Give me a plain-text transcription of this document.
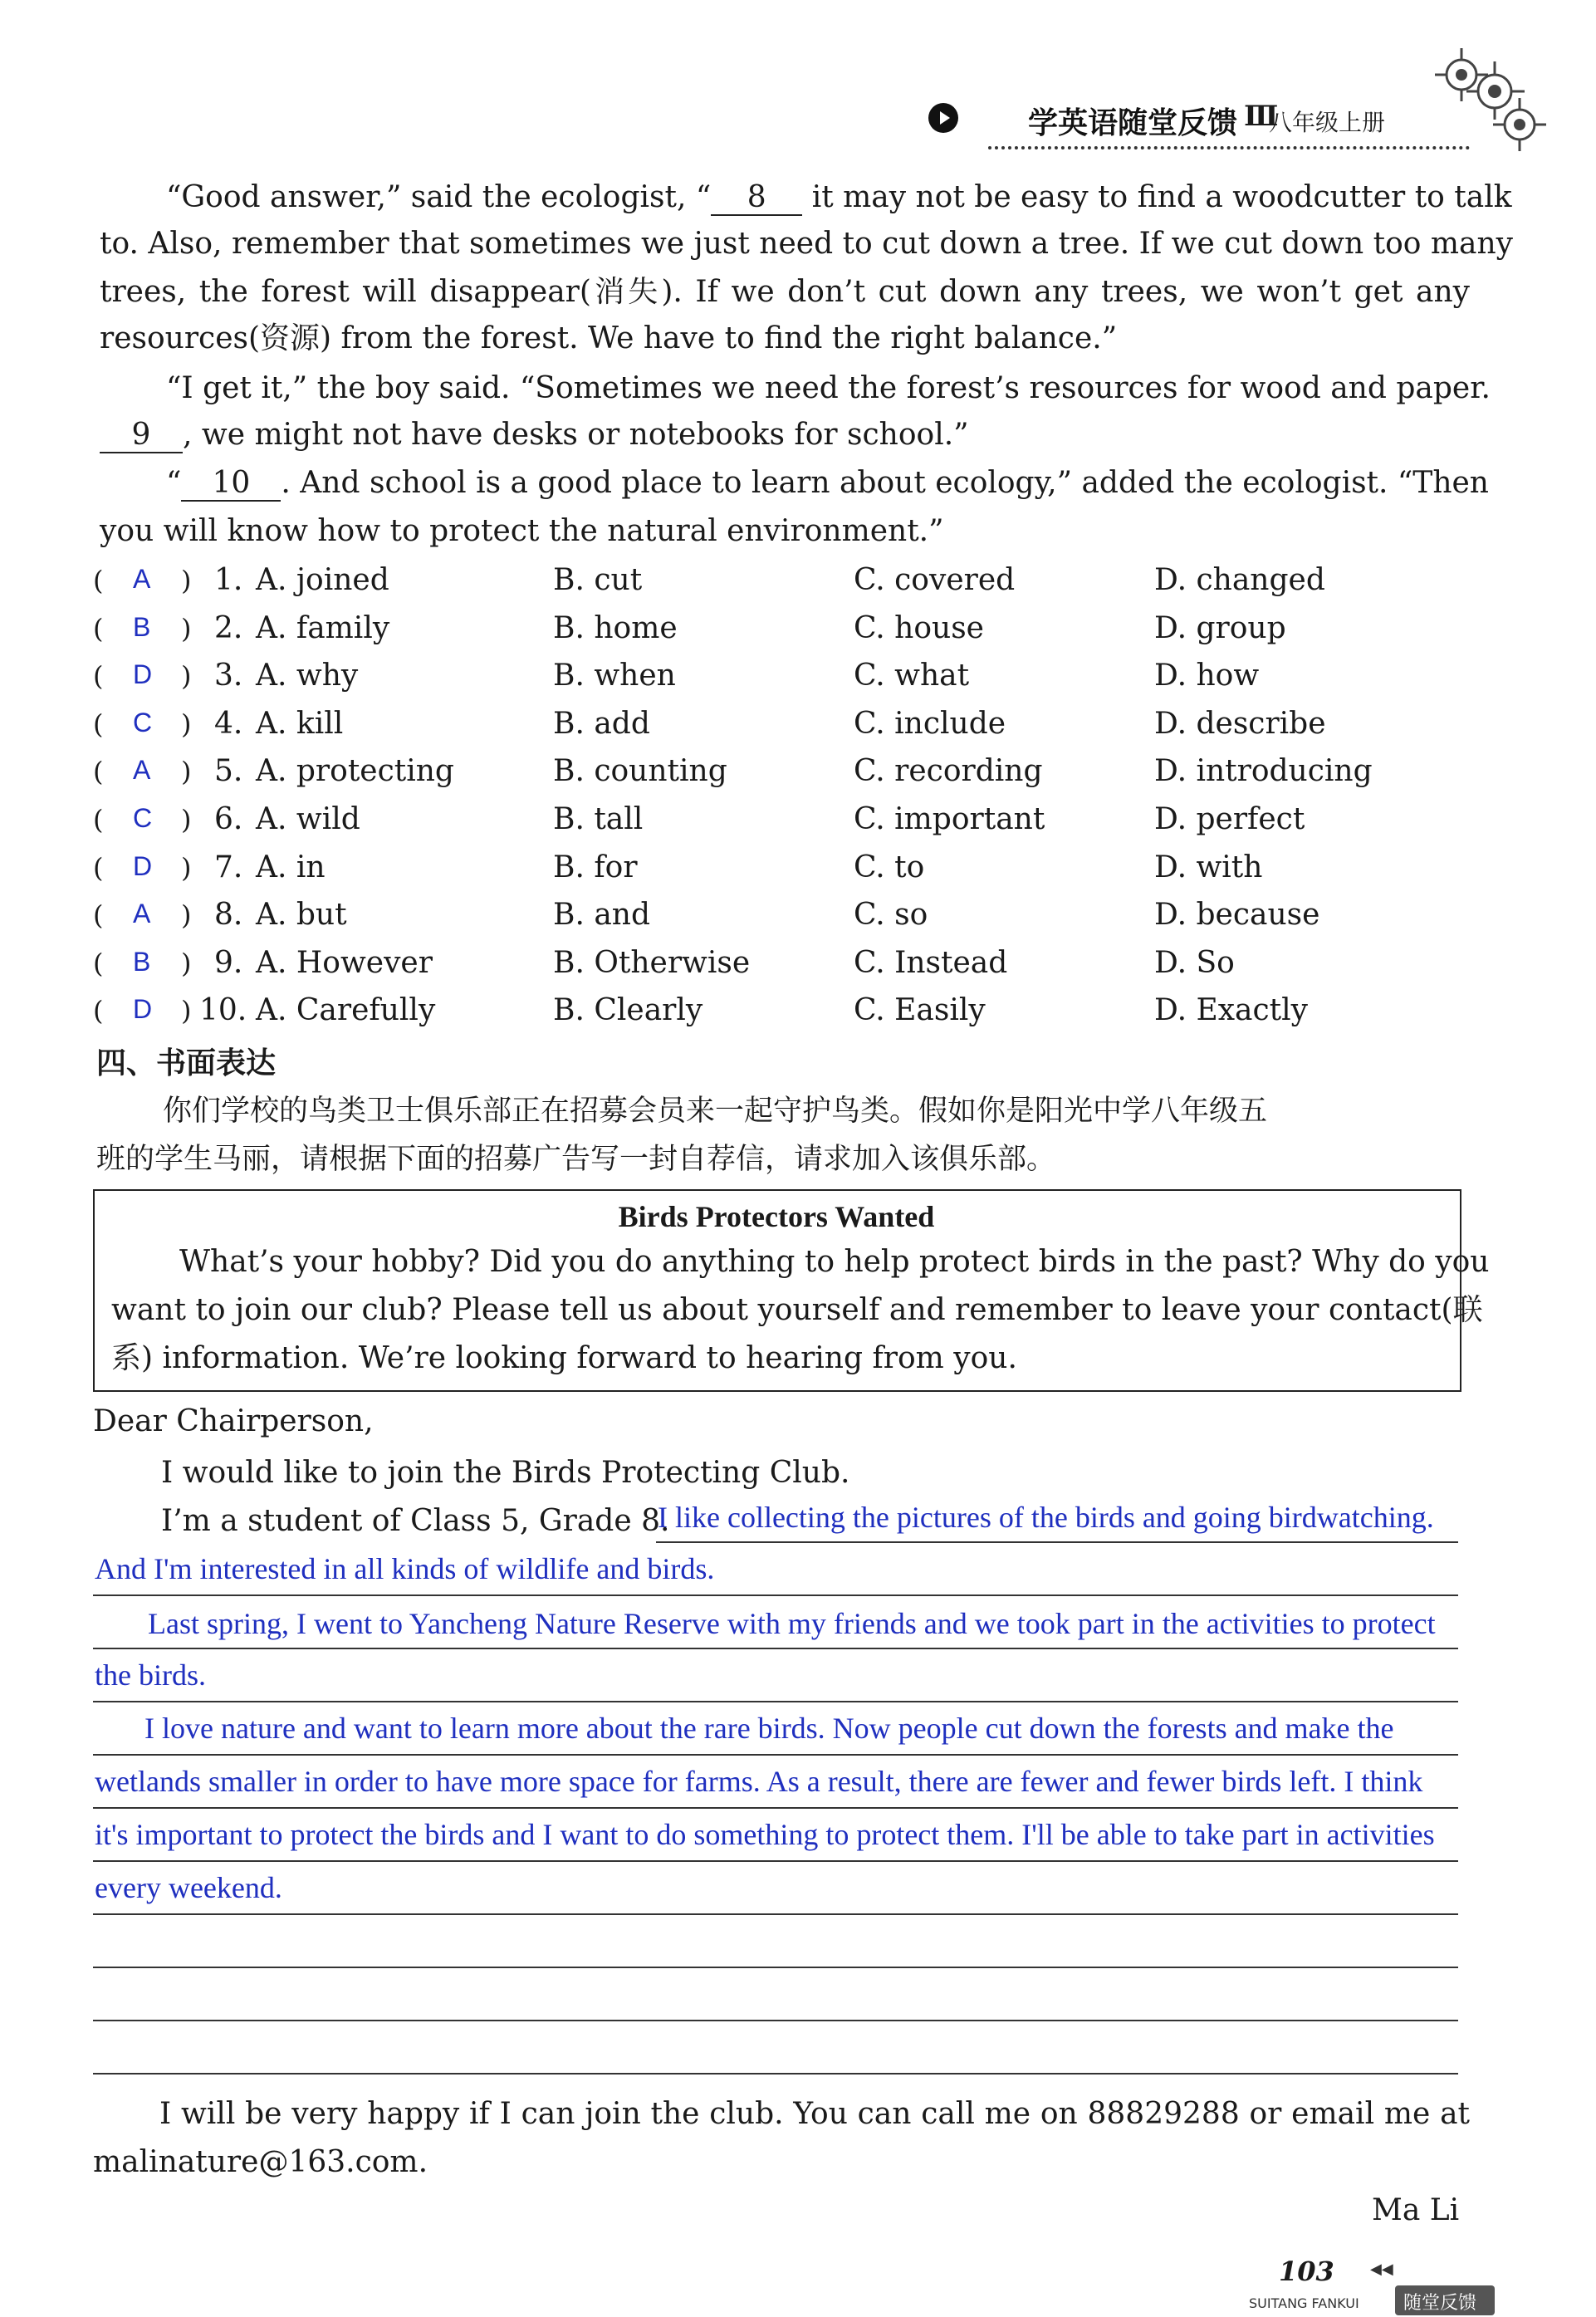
学英语随堂反馈 Ⅲ
八年级上册
“Good answer,” said the ecologist, “ 8 it may not be easy to find a woodcutter to talk
to. Also, remember that sometimes we just need to cut down a tree. If we cut down too many
trees, the forest will disappear(消失). If we don’t cut down any trees, we won’t get any
resources(资源) from the forest. We have to find the right balance.”
“I get it,” the boy said. “Sometimes we need the forest’s resources for wood and paper.
9 , we might not have desks or notebooks for school.”
“ 10 . And school is a good place to learn about ecology,” added the ecologist. “Then
you will know how to protect the natural environment.”
( A ) 1. A. joined	B. cut	C. covered	D. changed
( B ) 2. A. family	B. home	C. house	D. group
( D ) 3. A. why	B. when	C. what	D. how
( C ) 4. A. kill	B. add	C. include	D. describe
( A ) 5. A. protecting	B. counting	C. recording	D. introducing
( C ) 6. A. wild	B. tall	C. important	D. perfect
( D ) 7. A. in	B. for	C. to	D. with
( A ) 8. A. but	B. and	C. so	D. because
( B ) 9. A. However	B. Otherwise	C. Instead	D. So
( D ) 10. A. Carefully	B. Clearly	C. Easily	D. Exactly
四、书面表达
你们学校的鸟类卫士俱乐部正在招募会员来一起守护鸟类。假如你是阳光中学八年级五
班的学生马丽，请根据下面的招募广告写一封自荐信，请求加入该俱乐部。
Birds Protectors Wanted
What’s your hobby? Did you do anything to help protect birds in the past? Why do you
want to join our club? Please tell us about yourself and remember to leave your contact(联
系) information. We’re looking forward to hearing from you.
Dear Chairperson,
I would like to join the Birds Protecting Club.
I’m a student of Class 5, Grade 8.
I like collecting the pictures of the birds and going birdwatching.
And I'm interested in all kinds of wildlife and birds.
Last spring, I went to Yancheng Nature Reserve with my friends and we took part in the activities to protect
the birds.
I love nature and want to learn more about the rare birds. Now people cut down the forests and make the
wetlands smaller in order to have more space for farms. As a result, there are fewer and fewer birds left. I think
it's important to protect the birds and I want to do something to protect them. I'll be able to take part in activities
every weekend.
I will be very happy if I can join the club. You can call me on 88829288 or email me at
malinature@163.com.
Ma Li
103 ◀◀
随堂反馈
SUITANG FANKUI
